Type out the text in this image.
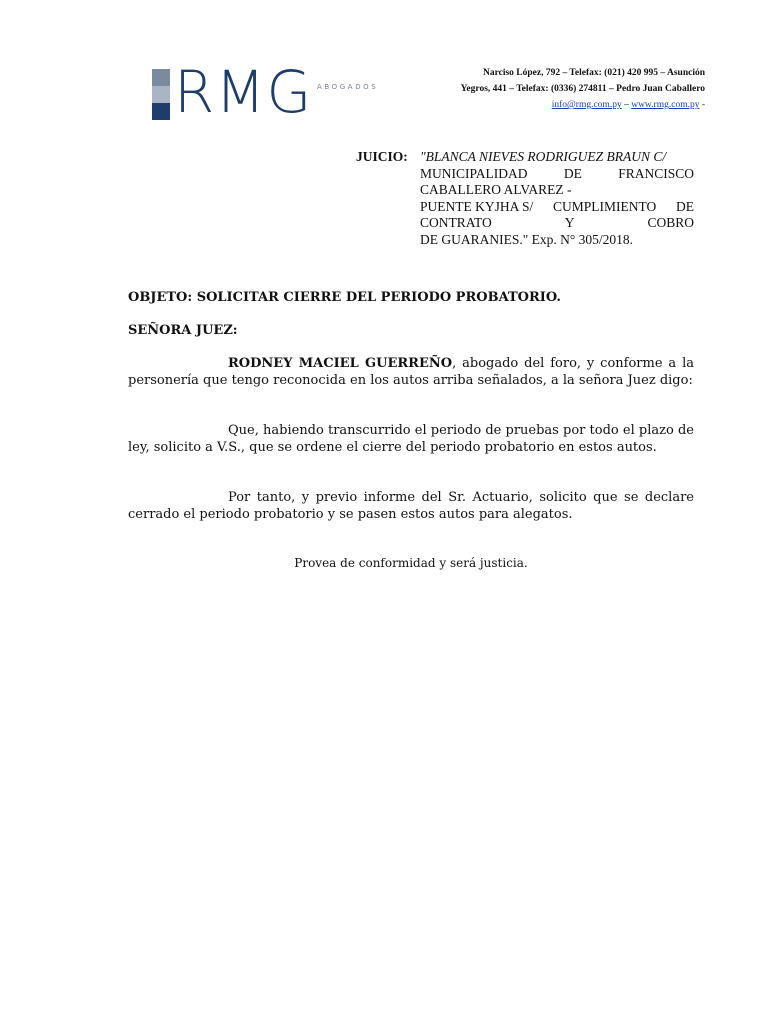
RMG ABOGADOS
Narciso López, 792 – Telefax: (021) 420 995 – Asunción
Yegros, 441 – Telefax: (0336) 274811 – Pedro Juan Caballero
info@rmg.com.py – www.rmg.com.py -
JUICIO: "BLANCA NIEVES RODRIGUEZ BRAUN C/
MUNICIPALIDAD	DE	FRANCISCO
CABALLERO ALVAREZ -
PUENTE KYJHA S/ CUMPLIMIENTO DE
CONTRATO	Y	COBRO
DE GUARANIES." Exp. N° 305/2018.
OBJETO: SOLICITAR CIERRE DEL PERIODO PROBATORIO.
SEÑORA JUEZ:
RODNEY MACIEL GUERREÑO, abogado del foro, y conforme a la personería que tengo reconocida en los autos arriba señalados, a la señora Juez digo:
Que, habiendo transcurrido el periodo de pruebas por todo el plazo de ley, solicito a V.S., que se ordene el cierre del periodo probatorio en estos autos.
Por tanto, y previo informe del Sr. Actuario, solicito que se declare cerrado el periodo probatorio y se pasen estos autos para alegatos.
Provea de conformidad y será justicia.
